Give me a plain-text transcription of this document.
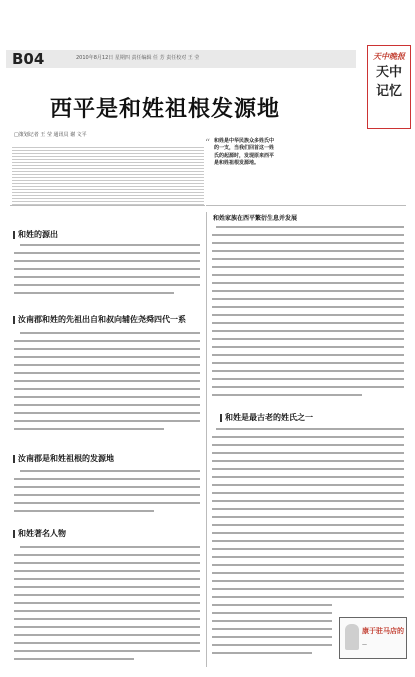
B04	2010年8月12日 星期四 责任编辑 任 芳 责任校对 王 莹	天中晚报
天中
记忆
西平是和姓祖根发源地
□策划记者 王 莹 通讯员 谢 文平
“ 和姓是中华民族众多姓氏中的一支，当我们回首这一姓氏的起源时，发现原来西平是和姓祖根发源地。
和姓的源出
汝南郡和姓的先祖出自和叔向辅佐尧舜四代一系
汝南郡是和姓祖根的发源地
和姓著名人物
和姓家族在西平繁衍生息并发展
和姓是最古老的姓氏之一
康于驻马店的
—
